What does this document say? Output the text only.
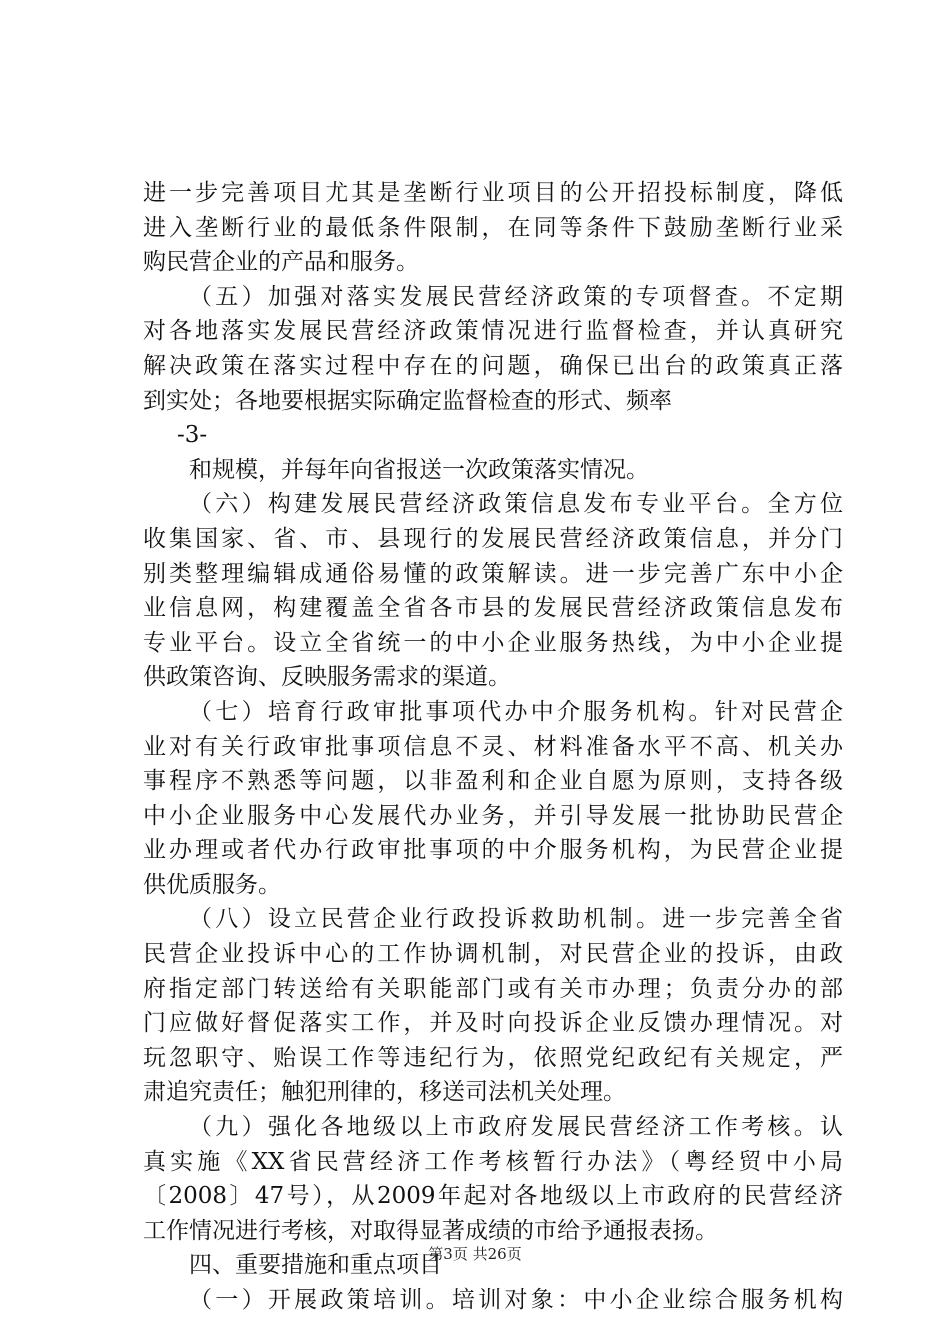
进一步完善项目尤其是垄断行业项目的公开招投标制度，降低
进入垄断行业的最低条件限制，在同等条件下鼓励垄断行业采
购民营企业的产品和服务。
（五）加强对落实发展民营经济政策的专项督查。不定期
对各地落实发展民营经济政策情况进行监督检查，并认真研究
解决政策在落实过程中存在的问题，确保已出台的政策真正落
到实处；各地要根据实际确定监督检查的形式、频率
-3-
和规模，并每年向省报送一次政策落实情况。
（六）构建发展民营经济政策信息发布专业平台。全方位
收集国家、省、市、县现行的发展民营经济政策信息，并分门
别类整理编辑成通俗易懂的政策解读。进一步完善广东中小企
业信息网，构建覆盖全省各市县的发展民营经济政策信息发布
专业平台。设立全省统一的中小企业服务热线，为中小企业提
供政策咨询、反映服务需求的渠道。
（七）培育行政审批事项代办中介服务机构。针对民营企
业对有关行政审批事项信息不灵、材料准备水平不高、机关办
事程序不熟悉等问题，以非盈利和企业自愿为原则，支持各级
中小企业服务中心发展代办业务，并引导发展一批协助民营企
业办理或者代办行政审批事项的中介服务机构，为民营企业提
供优质服务。
（八）设立民营企业行政投诉救助机制。进一步完善全省
民营企业投诉中心的工作协调机制，对民营企业的投诉，由政
府指定部门转送给有关职能部门或有关市办理；负责分办的部
门应做好督促落实工作，并及时向投诉企业反馈办理情况。对
玩忽职守、贻误工作等违纪行为，依照党纪政纪有关规定，严
肃追究责任；触犯刑律的，移送司法机关处理。
（九）强化各地级以上市政府发展民营经济工作考核。认
真实施《XX省民营经济工作考核暂行办法》（粤经贸中小局
〔2008〕47号），从2009年起对各地级以上市政府的民营经济
工作情况进行考核，对取得显著成绩的市给予通报表扬。
四、重要措施和重点项目
（一）开展政策培训。培训对象：中小企业综合服务机构
第3页 共26页
